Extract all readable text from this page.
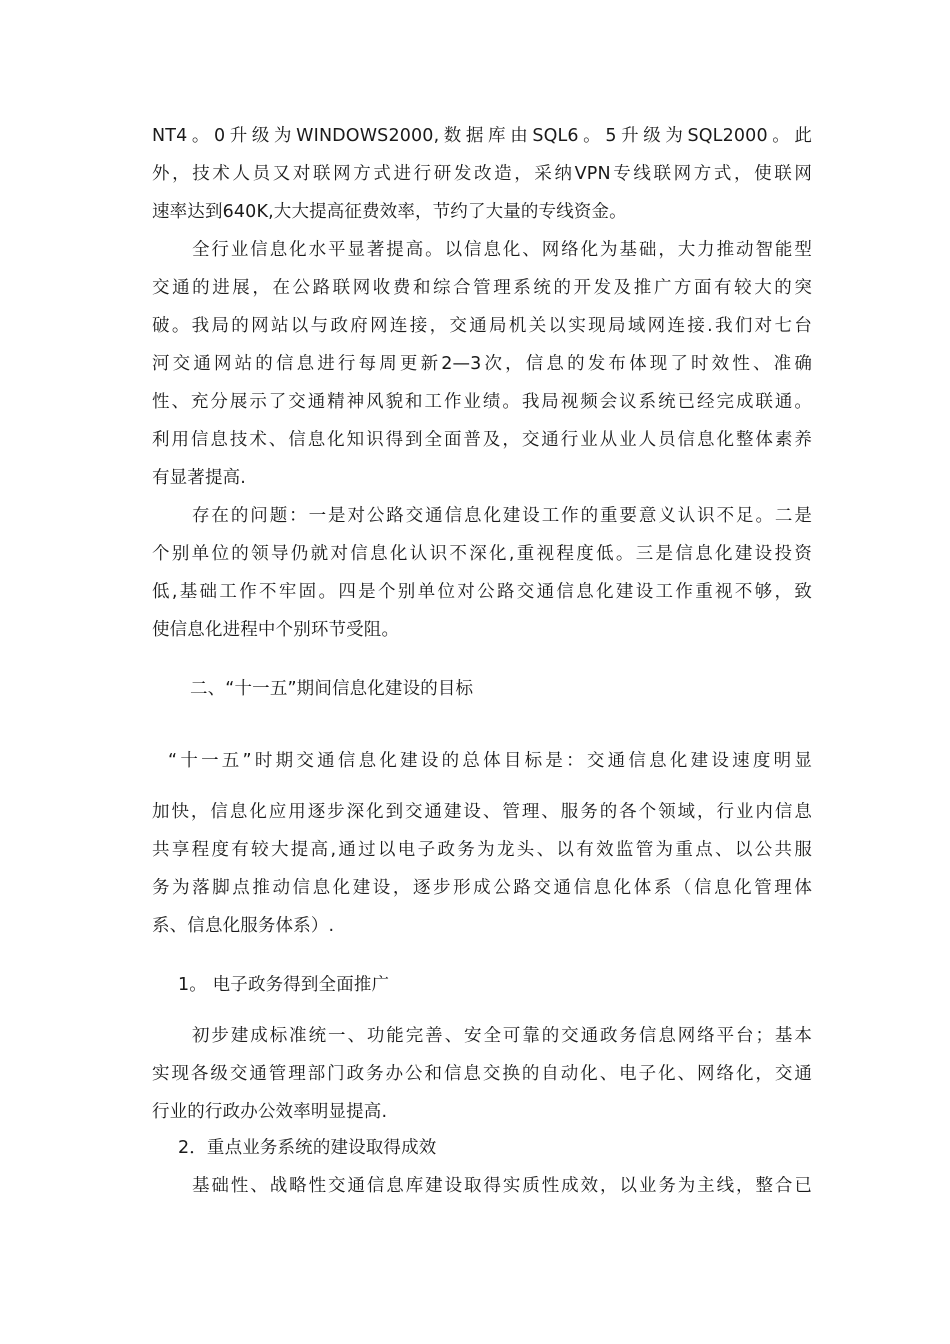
NT4。0升级为WINDOWS2000,数据库由SQL6。5升级为SQL2000。此
外，技术人员又对联网方式进行研发改造，采纳VPN专线联网方式，使联网
速率达到640K,大大提高征费效率，节约了大量的专线资金。
全行业信息化水平显著提高。以信息化、网络化为基础，大力推动智能型
交通的进展，在公路联网收费和综合管理系统的开发及推广方面有较大的突
破。我局的网站以与政府网连接，交通局机关以实现局域网连接.我们对七台
河交通网站的信息进行每周更新2—3次，信息的发布体现了时效性、准确
性、充分展示了交通精神风貌和工作业绩。我局视频会议系统已经完成联通。
利用信息技术、信息化知识得到全面普及，交通行业从业人员信息化整体素养
有显著提高.
存在的问题：一是对公路交通信息化建设工作的重要意义认识不足。二是
个别单位的领导仍就对信息化认识不深化,重视程度低。三是信息化建设投资
低,基础工作不牢固。四是个别单位对公路交通信息化建设工作重视不够，致
使信息化进程中个别环节受阻。
二、“十一五”期间信息化建设的目标
“十一五”时期交通信息化建设的总体目标是：交通信息化建设速度明显
加快，信息化应用逐步深化到交通建设、管理、服务的各个领域，行业内信息
共享程度有较大提高,通过以电子政务为龙头、以有效监管为重点、以公共服
务为落脚点推动信息化建设，逐步形成公路交通信息化体系（信息化管理体
系、信息化服务体系）.
1。 电子政务得到全面推广
初步建成标准统一、功能完善、安全可靠的交通政务信息网络平台；基本
实现各级交通管理部门政务办公和信息交换的自动化、电子化、网络化，交通
行业的行政办公效率明显提高.
2．重点业务系统的建设取得成效
基础性、战略性交通信息库建设取得实质性成效，以业务为主线，整合已
